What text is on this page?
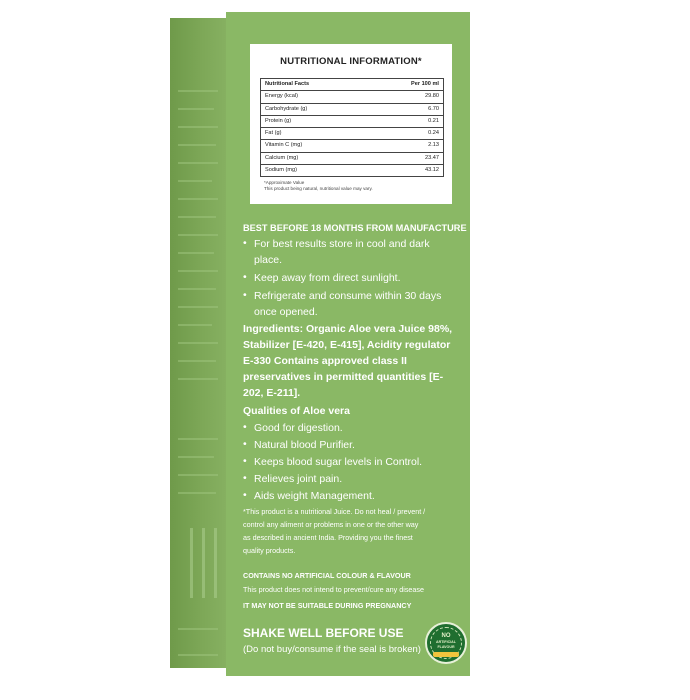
NUTRITIONAL INFORMATION*
Nutritional Facts	Per 100 ml
Energy (kcal)	29.80
Carbohydrate (g)	6.70
Protein (g)	0.21
Fat (g)	0.24
Vitamin C (mg)	2.13
Calcium (mg)	23.47
Sodium (mg)	43.12
*Approximate Value
This product being natural, nutritional value may vary.
BEST BEFORE 18 MONTHS FROM MANUFACTURE
• For best results store in cool and dark
place.
• Keep away from direct sunlight.
• Refrigerate and consume within 30 days
once opened.
Ingredients: Organic Aloe vera Juice 98%,
Stabilizer [E-420, E-415], Acidity regulator
E-330 Contains approved class II
preservatives in permitted quantities [E-
202, E-211].
Qualities of Aloe vera
• Good for digestion.
• Natural blood Purifier.
• Keeps blood sugar levels in Control.
• Relieves joint pain.
• Aids weight Management.
*This product is a nutritional Juice. Do not heal / prevent /
control any aliment or problems in one or the other way
as described in ancient India. Providing you the finest
quality products.
CONTAINS NO ARTIFICIAL COLOUR & FLAVOUR
This product does not intend to prevent/cure any disease
IT MAY NOT BE SUITABLE DURING PREGNANCY
SHAKE WELL BEFORE USE
(Do not buy/consume if the seal is broken)
NO
ARTIFICIAL
FLAVOUR
